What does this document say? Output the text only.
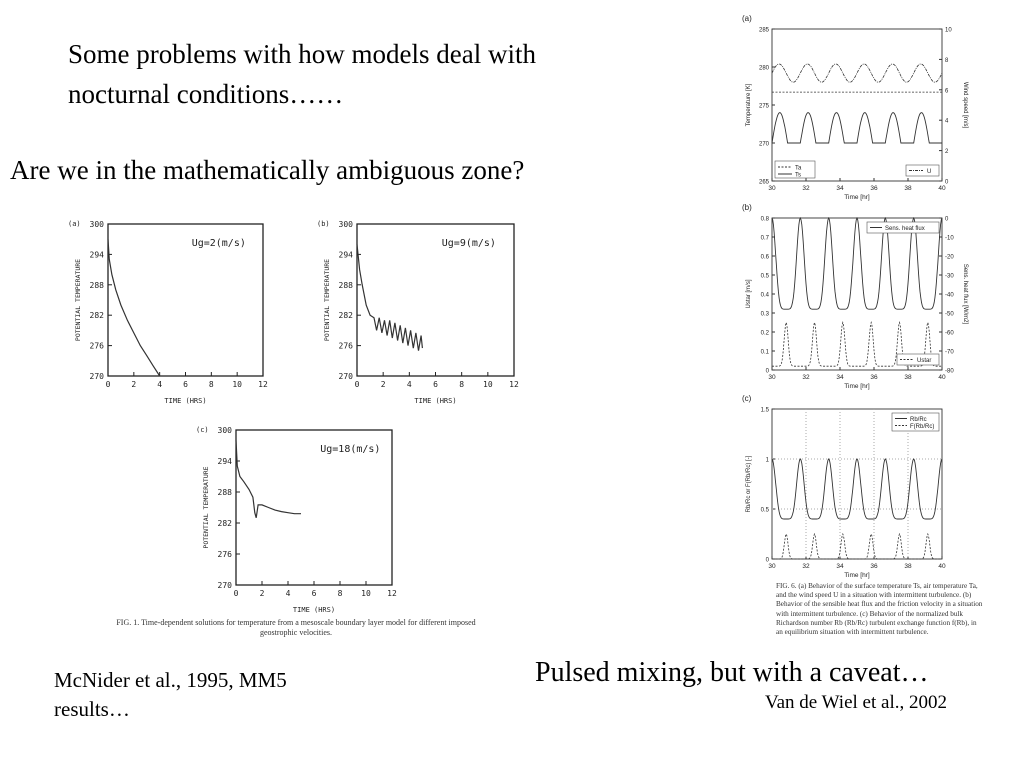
Some problems with how models deal with
nocturnal conditions……
Are we in the mathematically ambiguous zone?
0	2	4	6	8 10 12
270
276
282
288
294
300
TIME (HRS)
POTENTIAL TEMPERATURE
(a)
Ug=2(m/s)
0	2	4	6	8 10 12
270
276
282
288
294
300
TIME (HRS)
POTENTIAL TEMPERATURE
(b)
Ug=9(m/s)
0	2	4	6	8 10 12
270
276
282
288
294
300
TIME (HRS)
POTENTIAL TEMPERATURE
(c)
Ug=18(m/s)
FIG. 1. Time-dependent solutions for temperature from a mesoscale boundary layer model for different imposed geostrophic velocities.
(a)
30	32	34	36	38	40
Time [hr]
265
270
275
280
285
Temperature [K]
0
2
4
6
8
10
Wind speed [m/s]
Ta
Ts
U
(b)
30	32	34	36	38	40
Time [hr]
0
0.1
0.2
0.3
0.4
0.5
0.6
0.7
0.8
Ustar [m/s]
-80
-70
-60
-50
-40
-30
-20
-10
0
Sens. heat flux [W/m2]
Sens. heat flux
Ustar
(c)
30	32	34	36	38	40
Time [hr]
0
0.5
1
1.5
Rb/Rc or F(Rb/Rc) [-]
Rb/Rc
F(Rb/Rc)
FIG. 6. (a) Behavior of the surface temperature Ts, air temperature Ta, and the wind speed U in a situation with intermittent turbulence. (b) Behavior of the sensible heat flux and the friction velocity in a situation with intermittent turbulence. (c) Behavior of the normalized bulk Richardson number Rb (Rb/Rc) turbulent exchange function f(Rb), in an equilibrium situation with intermittent turbulence.
McNider et al., 1995, MM5
results…
Pulsed mixing, but with a caveat…
Van de Wiel et al., 2002
